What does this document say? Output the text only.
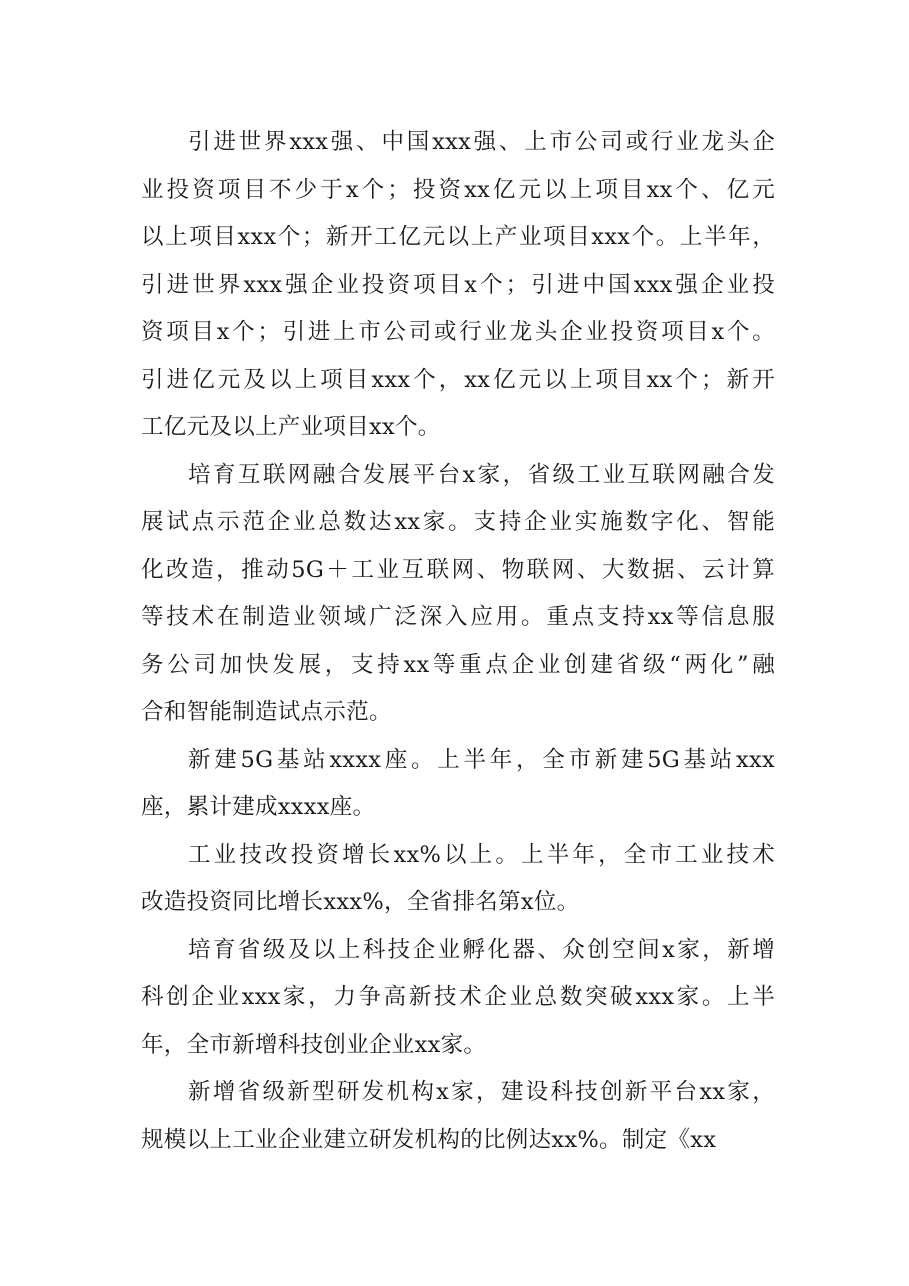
引进世界xxx强、中国xxx强、上市公司或行业龙头企
业投资项目不少于x个；投资xx亿元以上项目xx个、亿元
以上项目xxx个；新开工亿元以上产业项目xxx个。上半年，
引进世界xxx强企业投资项目x个；引进中国xxx强企业投
资项目x个；引进上市公司或行业龙头企业投资项目x个。
引进亿元及以上项目xxx个，xx亿元以上项目xx个；新开
工亿元及以上产业项目xx个。

培育互联网融合发展平台x家，省级工业互联网融合发
展试点示范企业总数达xx家。支持企业实施数字化、智能
化改造，推动5G＋工业互联网、物联网、大数据、云计算
等技术在制造业领域广泛深入应用。重点支持xx等信息服
务公司加快发展，支持xx等重点企业创建省级“两化”融
合和智能制造试点示范。

新建5G基站xxxx座。上半年，全市新建5G基站xxx
座，累计建成xxxx座。

工业技改投资增长xx%以上。上半年，全市工业技术
改造投资同比增长xxx%，全省排名第x位。

培育省级及以上科技企业孵化器、众创空间x家，新增
科创企业xxx家，力争高新技术企业总数突破xxx家。上半
年，全市新增科技创业企业xx家。

新增省级新型研发机构x家，建设科技创新平台xx家，
规模以上工业企业建立研发机构的比例达xx%。制定《xx
